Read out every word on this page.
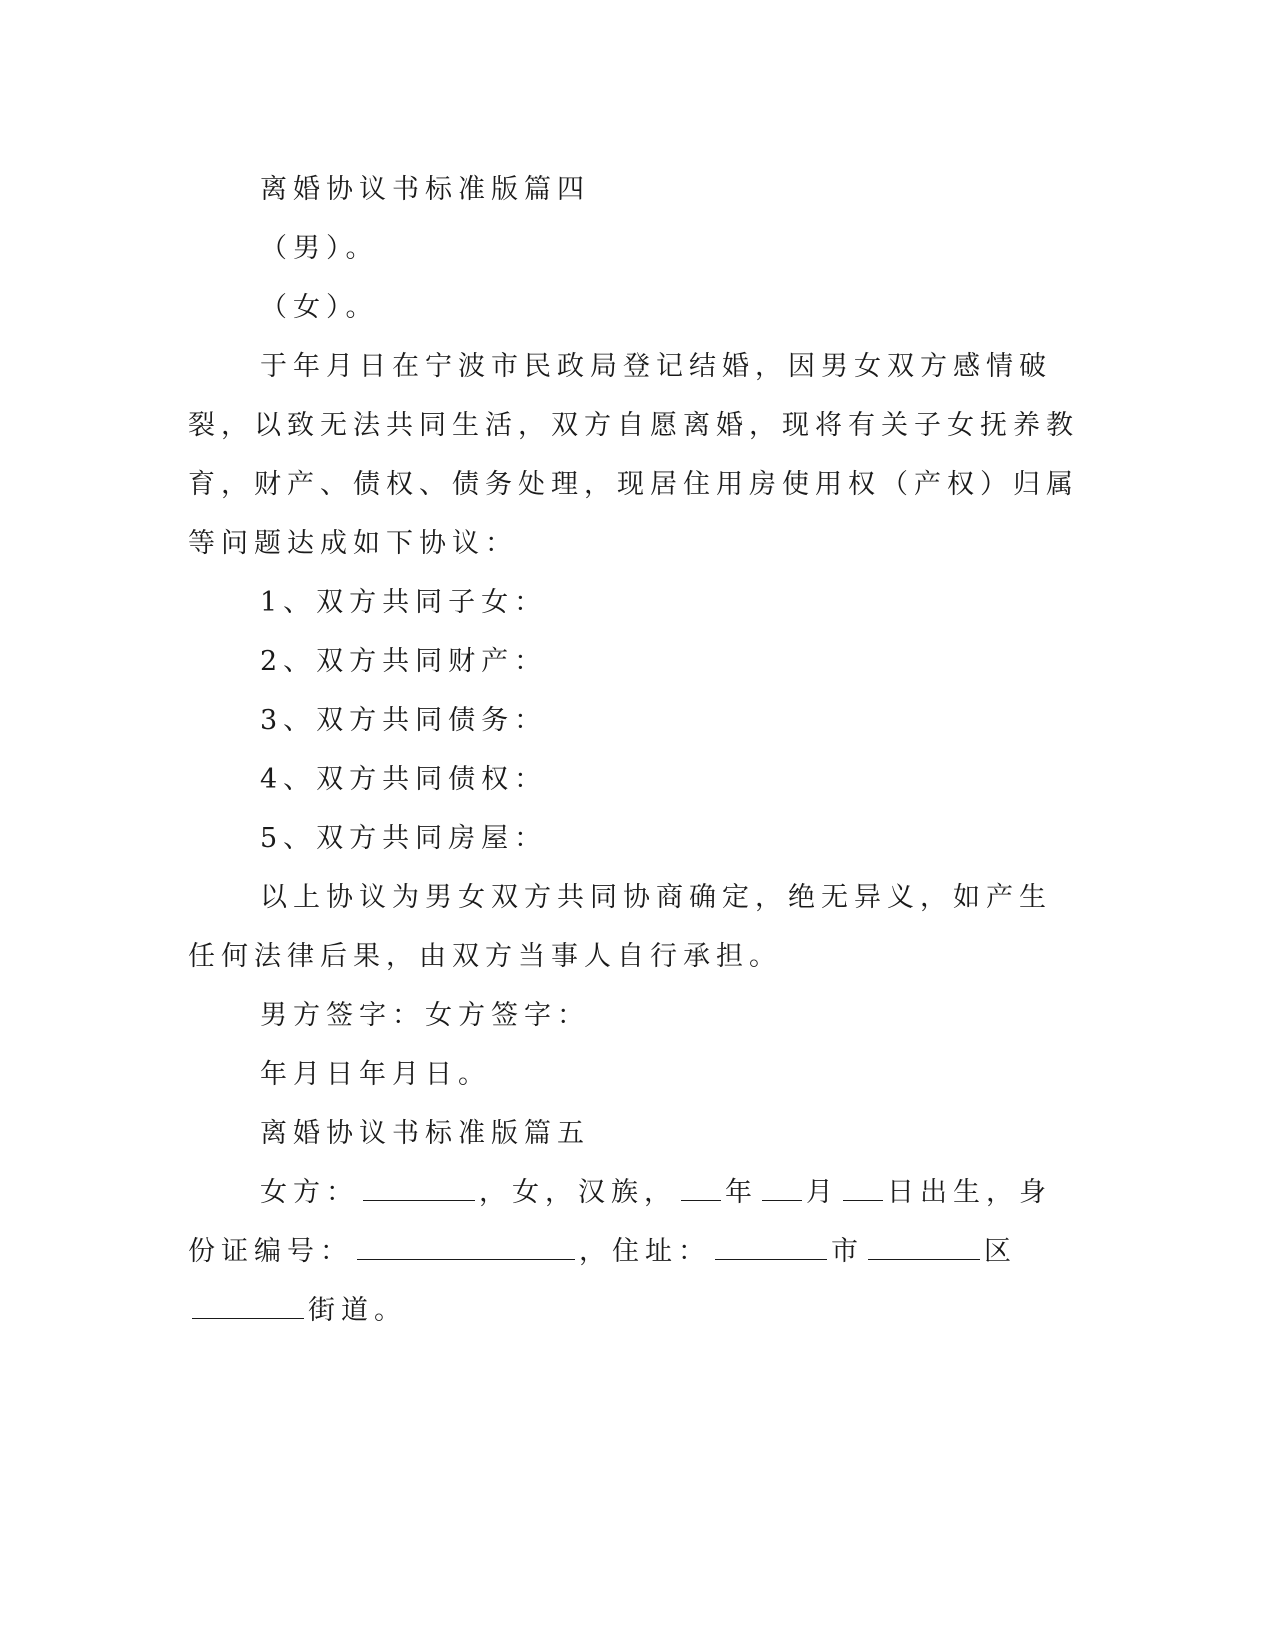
离婚协议书标准版篇四

（男）。

（女）。

于年月日在宁波市民政局登记结婚，因男女双方感情破裂，以致无法共同生活，双方自愿离婚，现将有关子女抚养教育，财产、债权、债务处理，现居住用房使用权（产权）归属等问题达成如下协议：

1、双方共同子女：

2、双方共同财产：

3、双方共同债务：

4、双方共同债权：

5、双方共同房屋：

以上协议为男女双方共同协商确定，绝无异义，如产生任何法律后果，由双方当事人自行承担。

男方签字：女方签字：

年月日年月日。

离婚协议书标准版篇五

女方：	，女，汉族， 年 月 日出生，身份证编号：	，住址：	市	区街道。
